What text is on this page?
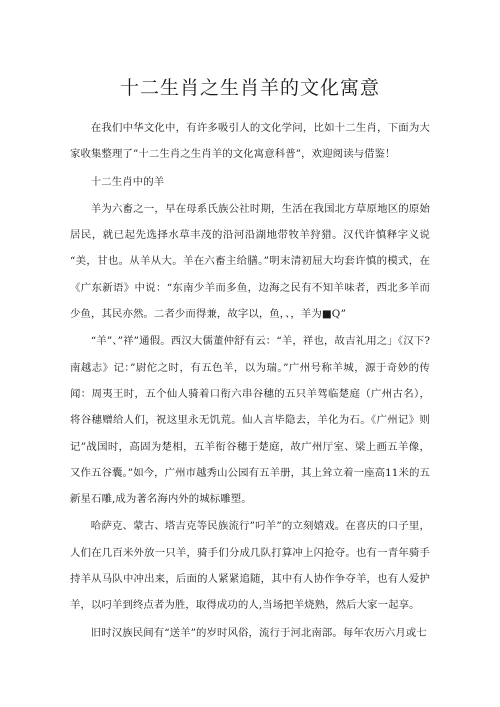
十二生肖之生肖羊的文化寓意

在我们中华文化中，有许多吸引人的文化学问，比如十二生肖，下面为大家收集整理了”十二生肖之生肖羊的文化寓意科普”，欢迎阅读与借鉴！

十二生肖中的羊

羊为六畜之一，早在母系氏族公社时期，生活在我国北方草原地区的原始居民，就已起先选择水草丰茂的沿河沿湖地带牧羊狩猎。汉代许慎释字义说 “美，甘也。从羊从大。羊在六畜主给膳。”明末清初屈大均套许慎的模式，在《广东新语》中说：“东南少羊而多鱼，边海之民有不知羊味者，西北多羊而少鱼，其民亦然。二者少而得兼，故字以，鱼，、，羊为■Q”

“羊”、”祥”通假。西汉大儒董仲舒有云：“羊，祥也，故吉礼用之」《汉下?南越志》记：”尉佗之时，有五色羊，以为瑞。”广州号称羊城，源于奇妙的传闻：周夷王时，五个仙人骑着口衔六串谷穗的五只羊驾临楚庭（广州古名），将谷穗赠给人们，祝这里永无饥荒。仙人言毕隐去，羊化为石。《广州记》则记”战国时，高固为楚相，五羊衔谷穗于楚庭，故广州厅室、梁上画五羊像，又作五谷囊。”如今，广州市越秀山公园有五羊册，其上耸立着一座高11米的五新星石雕,成为著名海内外的城标雕塑。

哈萨克、蒙古、塔吉克等民族流行”叼羊”的立刻嬉戏。在喜庆的口子里，人们在几百米外放一只羊，骑手们分成几队打算冲上闪抢夺。也有一青年骑手持羊从马队中冲出来，后面的人紧紧追随，其中有人协作争夺羊，也有人爱护羊，以叼羊到终点者为胜，取得成功的人,当场把羊烧熟，然后大家一起享。

旧时汉族民间有“送羊”的岁时风俗，流行于河北南部。每年农历六月或七
